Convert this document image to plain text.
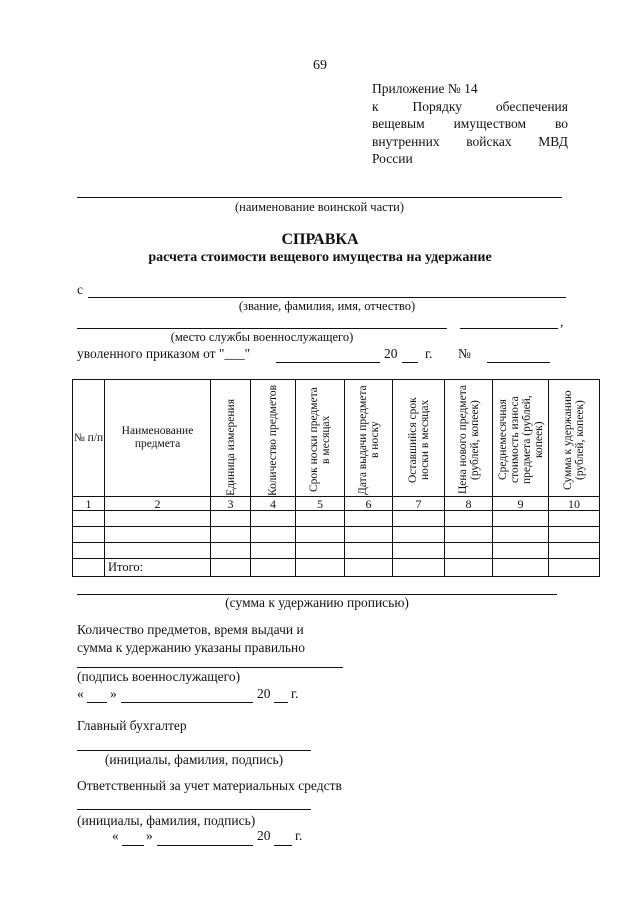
69
Приложение № 14
к	Порядку	обеспечения
вещевым имуществом во
внутренних войсках МВД
России
(наименование воинской части)
СПРАВКА
расчета стоимости вещевого имущества на удержание
с
(звание, фамилия, имя, отчество)
,
(место службы военнослужащего)
уволенного приказом от "___"	20 г. №
№ п/п	Наименование предмета	Единица измерения	Количество предметов	Срок носки предмета в месяцах	Дата выдачи предмета в носку	Оставшийся срок носки в месяцах	Цена нового предмета (рублей, копеек)	Среднемесячная стоимость износа предмета (рублей, копеек)	Сумма к удержанию (рублей, копеек)

1	2	3	4	5	6	7	8	9	10

	Итого:								
(сумма к удержанию прописью)
Количество предметов, время выдачи и
сумма к удержанию указаны правильно
(подпись военнослужащего)
« »	20 г.
Главный бухгалтер
(инициалы, фамилия, подпись)
Ответственный за учет материальных средств
(инициалы, фамилия, подпись)
« »	20 г.
